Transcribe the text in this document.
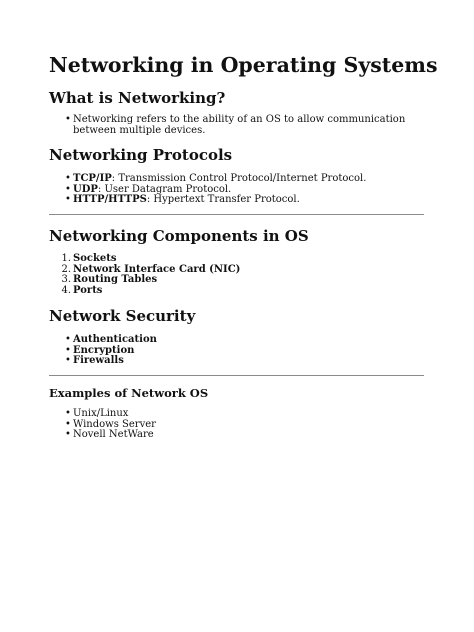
Networking in Operating Systems
What is Networking?
• Networking refers to the ability of an OS to allow communication between multiple devices.
Networking Protocols
• TCP/IP: Transmission Control Protocol/Internet Protocol.
• UDP: User Datagram Protocol.
• HTTP/HTTPS: Hypertext Transfer Protocol.
Networking Components in OS
1. Sockets
2. Network Interface Card (NIC)
3. Routing Tables
4. Ports
Network Security
• Authentication
• Encryption
• Firewalls
Examples of Network OS
• Unix/Linux
• Windows Server
• Novell NetWare
